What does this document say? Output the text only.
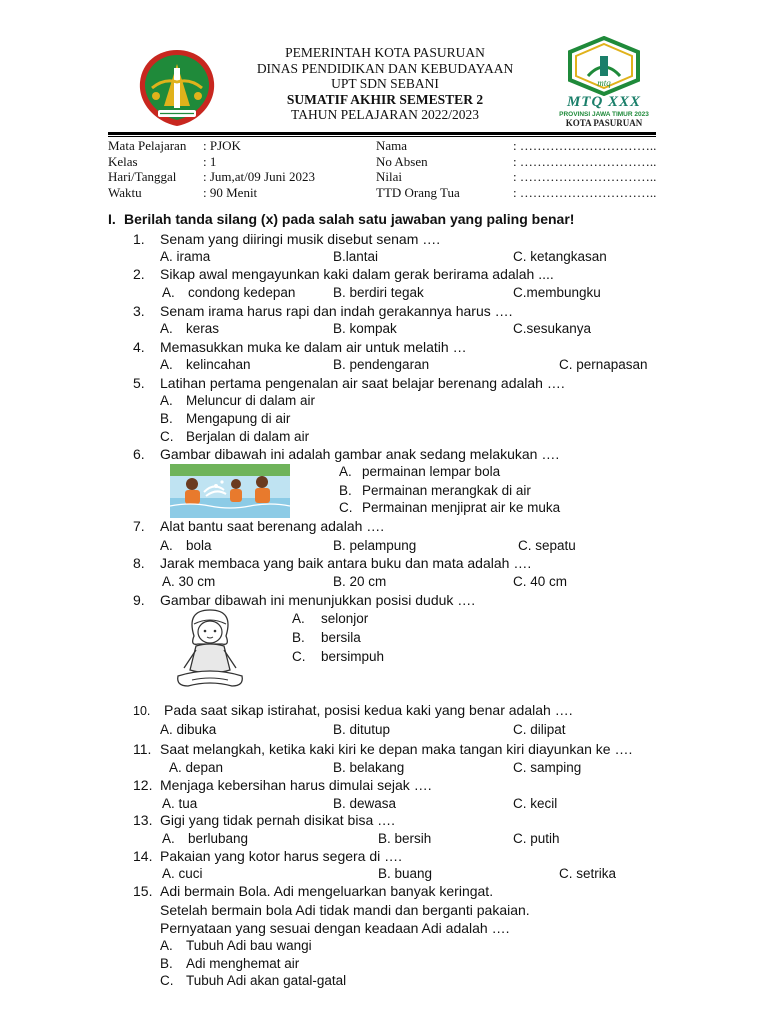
mtq
MTQ XXX
PROVINSI JAWA TIMUR 2023
KOTA PASURUAN
PEMERINTAH KOTA PASURUAN
DINAS PENDIDIKAN DAN KEBUDAYAAN
UPT SDN SEBANI
SUMATIF AKHIR SEMESTER 2
TAHUN PELAJARAN 2022/2023
Mata Pelajaran	: PJOK
Kelas	: 1
Hari/Tanggal	: Jum,at/09 Juni 2023
Waktu	: 90 Menit
Nama	: …………………………..
No Absen	: …………………………..
Nilai	: …………………………..
TTD Orang Tua	: …………………………..
I. Berilah tanda silang (x) pada salah satu jawaban yang paling benar!
1. Senam yang diiringi musik disebut senam ….
A. irama	B.lantai	C. ketangkasan
2. Sikap awal mengayunkan kaki dalam gerak berirama adalah ....
A. condong kedepan	B. berdiri tegak	C.membungku
3. Senam irama harus rapi dan indah gerakannya harus ….
A. keras	B. kompak	C.sesukanya
4. Memasukkan muka ke dalam air untuk melatih …
A. kelincahan	B. pendengaran	C. pernapasan
5. Latihan pertama pengenalan air saat belajar berenang adalah ….
A. Meluncur di dalam air
B. Mengapung di air
C. Berjalan di dalam air
6. Gambar dibawah ini adalah gambar anak sedang melakukan ….
A. permainan lempar bola
B. Permainan merangkak di air
C. Permainan menjiprat air ke muka
7. Alat bantu saat berenang adalah ….
A. bola	B. pelampung	C. sepatu
8. Jarak membaca yang baik antara buku dan mata adalah ….
A. 30 cm	B. 20 cm	C. 40 cm
9. Gambar dibawah ini menunjukkan posisi duduk ….
A. selonjor
B. bersila
C. bersimpuh
10. Pada saat sikap istirahat, posisi kedua kaki yang benar adalah ….
A. dibuka	B. ditutup	C. dilipat
11. Saat melangkah, ketika kaki kiri ke depan maka tangan kiri diayunkan ke ….
A. depan	B. belakang	C. samping
12. Menjaga kebersihan harus dimulai sejak ….
A. tua	B. dewasa	C. kecil
13. Gigi yang tidak pernah disikat bisa ….
A. berlubang	B. bersih	C. putih
14. Pakaian yang kotor harus segera di ….
A. cuci	B. buang	C. setrika
15. Adi bermain Bola. Adi mengeluarkan banyak keringat.
Setelah bermain bola Adi tidak mandi dan berganti pakaian.
Pernyataan yang sesuai dengan keadaan Adi adalah ….
A. Tubuh Adi bau wangi
B. Adi menghemat air
C. Tubuh Adi akan gatal-gatal
